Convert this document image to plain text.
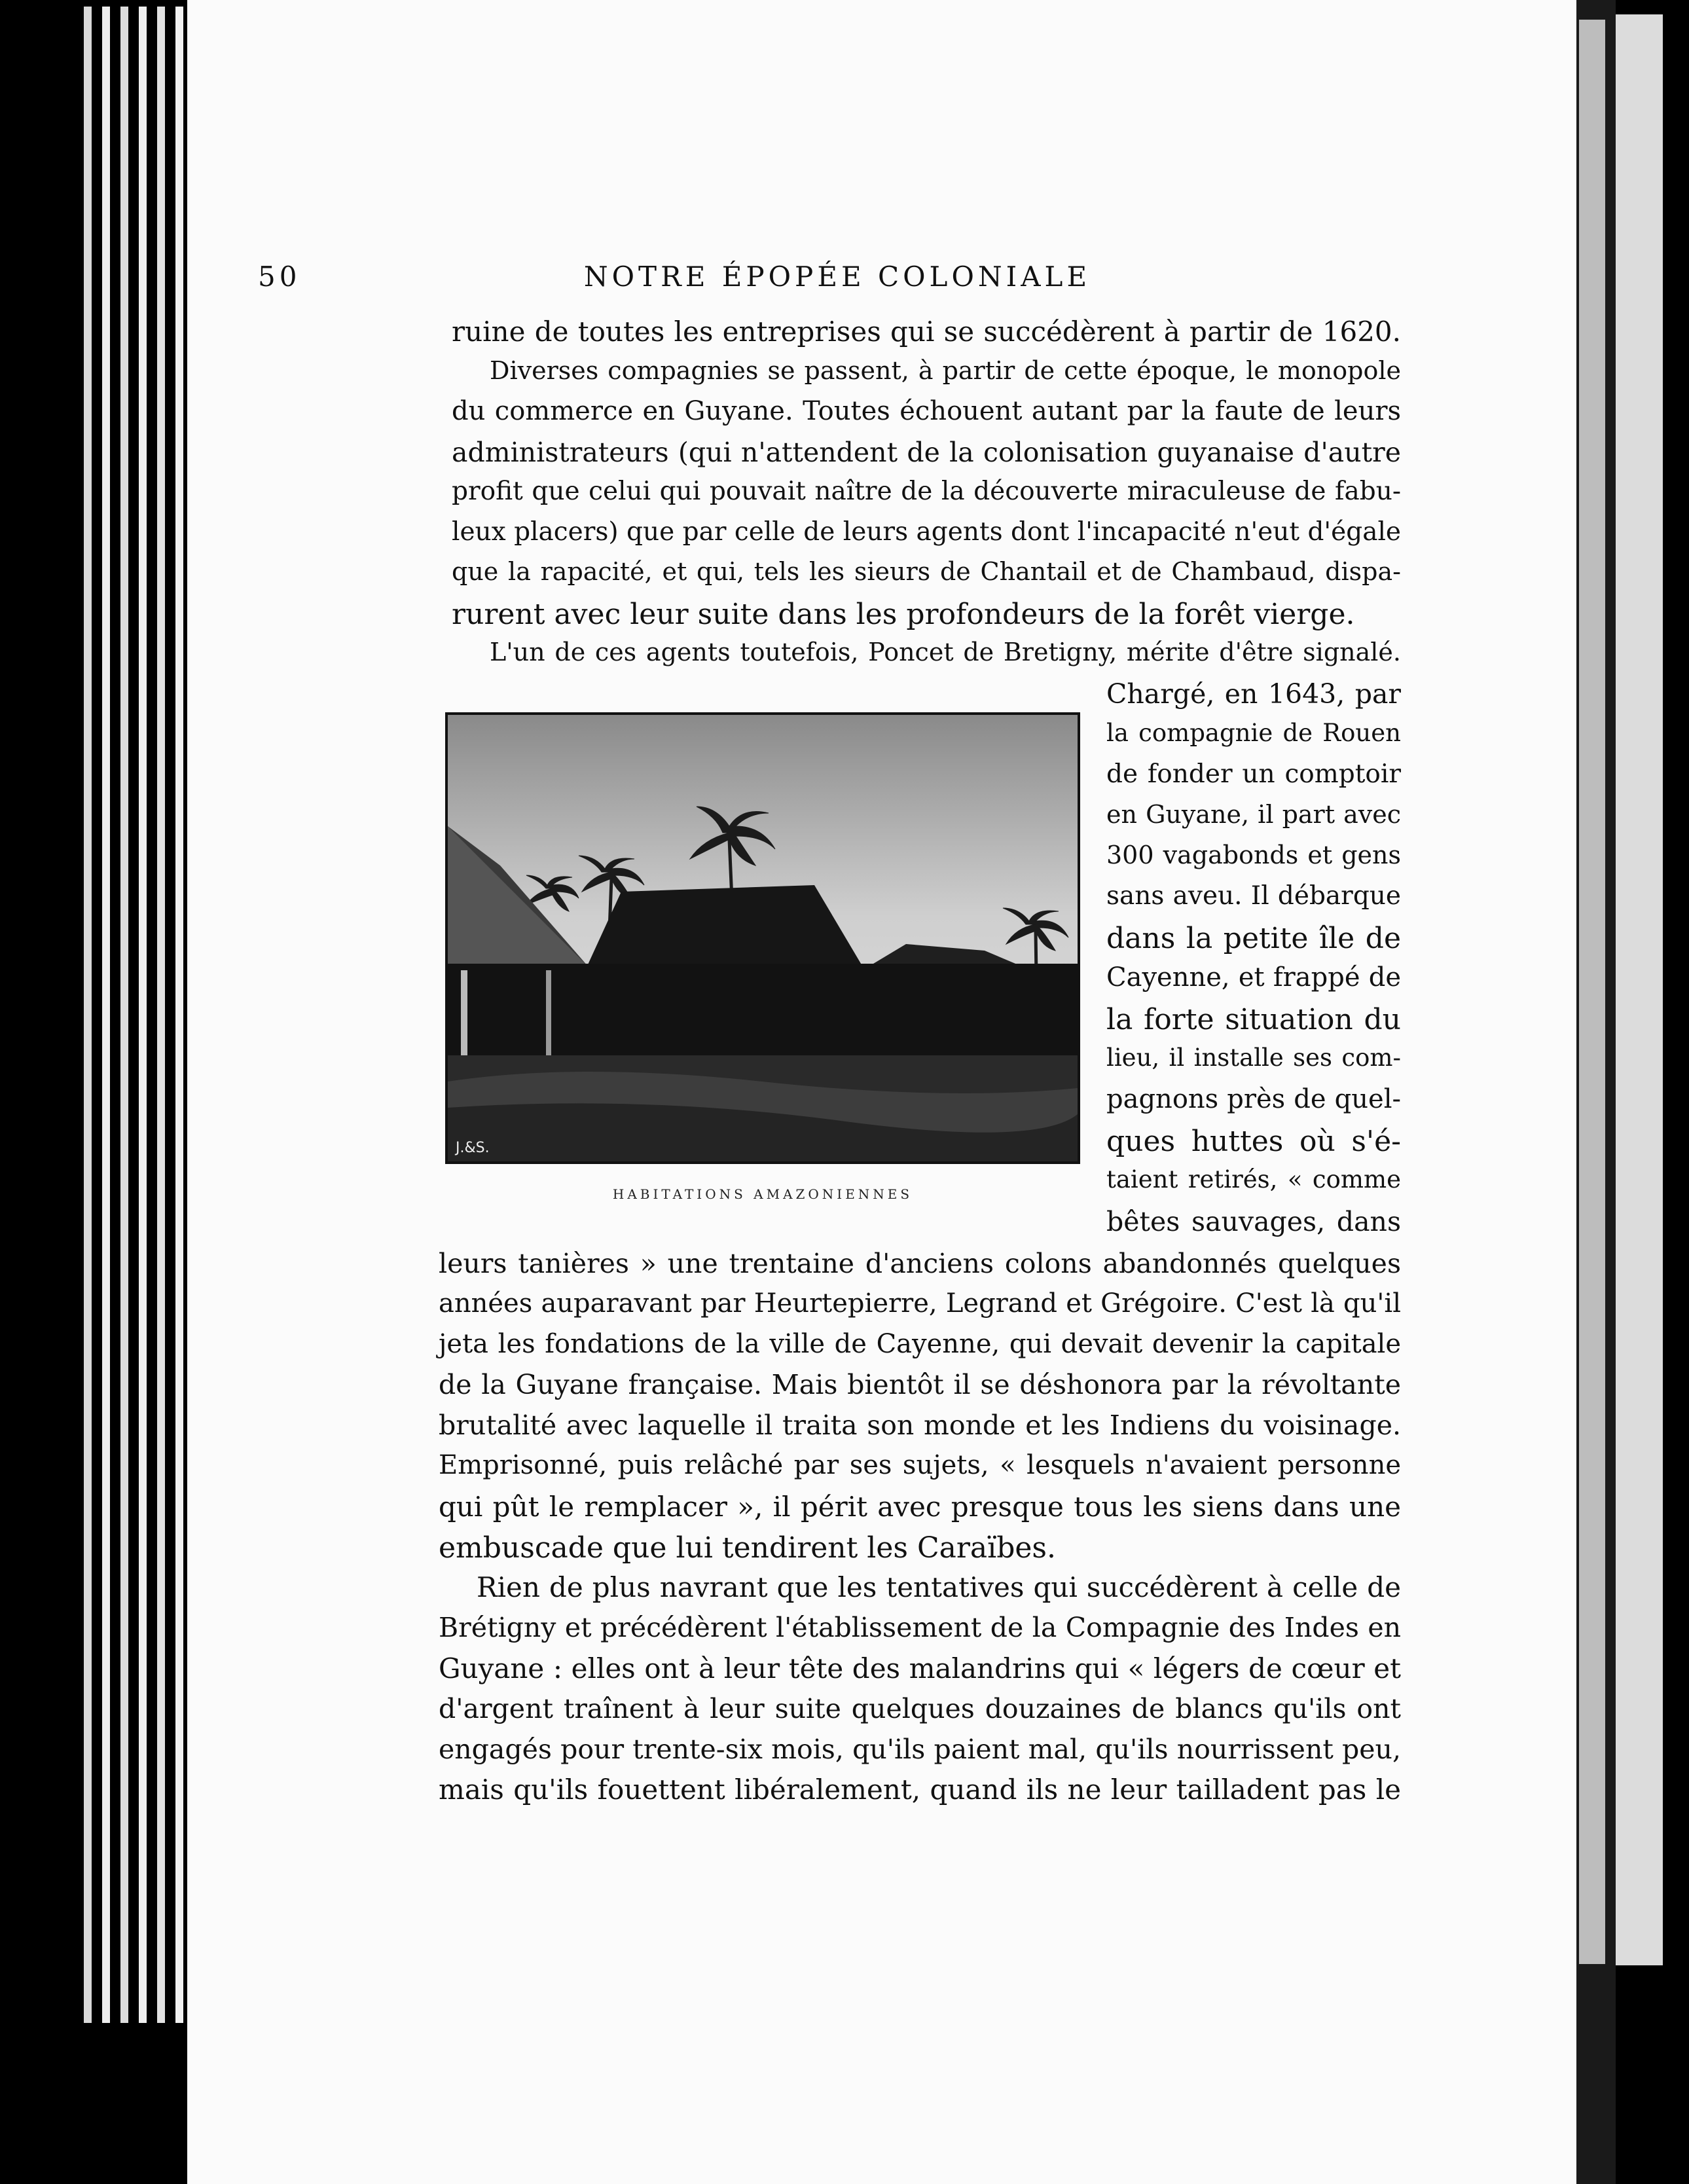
50	NOTRE ÉPOPÉE COLONIALE
ruine de toutes les entreprises qui se succédèrent à partir de 1620.
Diverses compagnies se passent, à partir de cette époque, le monopole
du commerce en Guyane. Toutes échouent autant par la faute de leurs
administrateurs (qui n'attendent de la colonisation guyanaise d'autre
profit que celui qui pouvait naître de la découverte miraculeuse de fabu-
leux placers) que par celle de leurs agents dont l'incapacité n'eut d'égale
que la rapacité, et qui, tels les sieurs de Chantail et de Chambaud, dispa-
rurent avec leur suite dans les profondeurs de la forêt vierge.
L'un de ces agents toutefois, Poncet de Bretigny, mérite d'être signalé.
J.&S.
HABITATIONS AMAZONIENNES
Chargé, en 1643, par
la compagnie de Rouen
de fonder un comptoir
en Guyane, il part avec
300 vagabonds et gens
sans aveu. Il débarque
dans la petite île de
Cayenne, et frappé de
la forte situation du
lieu, il installe ses com-
pagnons près de quel-
ques huttes où s'é-
taient retirés, « comme
bêtes sauvages, dans
leurs tanières » une trentaine d'anciens colons abandonnés quelques
années auparavant par Heurtepierre, Legrand et Grégoire. C'est là qu'il
jeta les fondations de la ville de Cayenne, qui devait devenir la capitale
de la Guyane française. Mais bientôt il se déshonora par la révoltante
brutalité avec laquelle il traita son monde et les Indiens du voisinage.
Emprisonné, puis relâché par ses sujets, « lesquels n'avaient personne
qui pût le remplacer », il périt avec presque tous les siens dans une
embuscade que lui tendirent les Caraïbes.
Rien de plus navrant que les tentatives qui succédèrent à celle de
Brétigny et précédèrent l'établissement de la Compagnie des Indes en
Guyane : elles ont à leur tête des malandrins qui « légers de cœur et
d'argent traînent à leur suite quelques douzaines de blancs qu'ils ont
engagés pour trente-six mois, qu'ils paient mal, qu'ils nourrissent peu,
mais qu'ils fouettent libéralement, quand ils ne leur tailladent pas le
